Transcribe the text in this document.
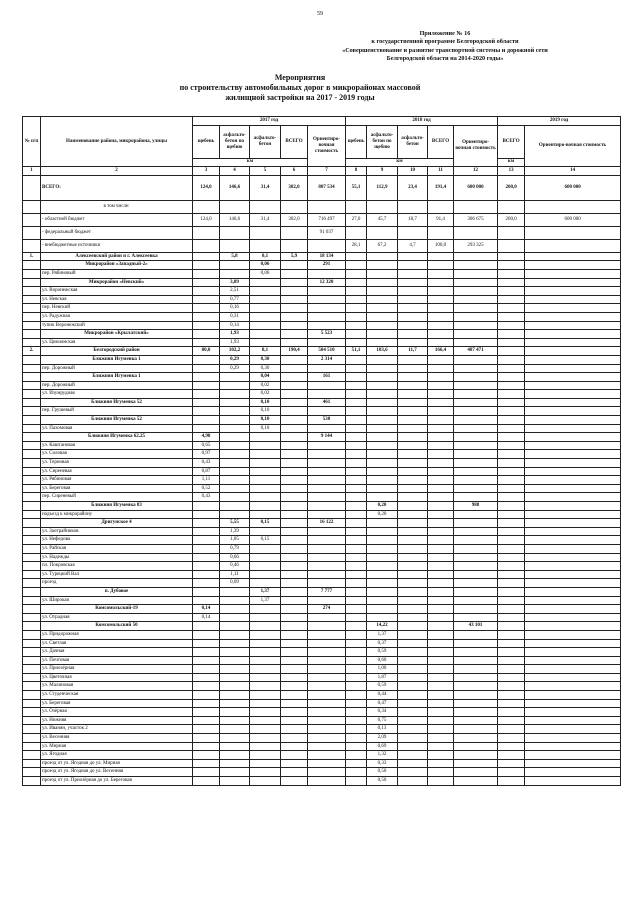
59
Приложение № 16
к государственной программе Белгородской области
«Совершенствование и развитие транспортной системы и дорожной сети
Белгородской области на 2014-2020 годы»
Мероприятия
по строительству автомобильных дорог в микрорайонах массовой
жилищной застройки на 2017 - 2019 годы
№ п/п	Наименование района, микрорайона, улицы	2017 год					2018 год					2019 год	
		щебень	асфальто-бетон по щебню	асфальто-бетон	ВСЕГО	Ориентиро-вочная стоимость	щебень	асфальто-бетон по щебню	асфальто-бетон	ВСЕГО	Ориентиро-вочная стоимость	ВСЕГО	Ориентиро-вочная стоимость
		км					км					км	
1	2	3	4	5	6	7	8	9	10	11	12	13	14
	ВСЕГО:	124,0	146,6	31,4	302,0	807 534	55,1	112,9	23,4	191,4	600 000	200,0	600 000
	в том числе:												
	- областной бюджет	124,0	146,6	31,4	302,0	716 497	27,0	45,7	18,7	91,4	306 675	200,0	600 000
	- федеральный бюджет					91 037							
	- внебюджетные источники						28,1	67,2	4,7	100,0	293 325		
1.	Алексеевский район и г. Алексеевка		5,8	0,1	5,9	18 134							
	Микрорайон «Западный-2»			0,06		291							
	пер. Рябиновый			0,06									
	Микрорайон «Невский»		3,89			12 320							
	ул. Воронежская		2,51										
	ул. Невская		0,77										
	пер. Невский		0,16										
	ул. Радужная		0,31										
	тупик Воронежский		0,14										
	Микрорайон «Крылатский»		1,93			5 523							
	ул. Цимлянская		1,93										
2.	Белгородский район	80,0	102,2	8,1	190,4	504 510	51,1	103,6	11,7	166,4	487 471		
	Ближняя Игуменка 1		0,29	0,30		2 314							
	пер. Дорожный		0,29	0,30									
	Ближняя Игуменка 1			0,04		161							
	пер. Дорожный			0,02									
	ул. Изумрудная			0,02									
	Ближняя Игуменка 52			0,10		461							
	пер. Грушевый			0,10									
	Ближняя Игуменка 52			0,10		530							
	ул. Пахомовая			0,10									
	Ближняя Игуменка 62.25	4,98				9 144							
	ул. Каштановая	0,65											
	ул. Соловая	0,97											
	ул. Терновая	0,43											
	ул. Сиреневая	0,87											
	ул. Рябиновая	1,11											
	ул. Береговая	0,52											
	пер. Сиреневый	0,43											
	Ближняя Игуменка 83							0,20			988		
	подъезд к микрорайону							0,20					
	Дригунское 4		5,55	0,15		16 122							
	ул. Заотрайников		1,39										
	ул. Нефедова		1,05	0,15									
	ул. Райская		0,79										
	ул. Надежды		0,66										
	пл. Покровская		0,46										
	ул. Турецкий Вал		1,11										
	проезд		0,09										
	п. Дубовое			1,37		7 777							
	ул. Широкая			1,37									
	Комсомольский-19	0,14				274							
	ул. Отрадная	0,14											
	Комсомольский 50							14,22			43 101		
	ул. Придорожная							1,37					
	ул. Светлая							0,37					
	ул. Дачная							0,59					
	ул. Почтовая							0,60					
	ул. Приозёрная							1,00					
	ул. Цветочная							1,87					
	ул. Малиновая							0,59					
	ул. Студенческая							0,44					
	ул. Береговая							0,47					
	ул. Озёрная							0,34					
	ул. Нижняя							0,75					
	ул. Иванян, участок 2							0,13					
	ул. Весенняя							2,09					
	ул. Мирная							0,69					
	ул. Ягодная							1,32					
	проезд от ул. Ягодная до ул. Мирная							0,33					
	проезд от ул. Ягодная до ул. Весенняя							0,50					
	проезд от ул. Приозёрная до ул. Береговая							0,50					
